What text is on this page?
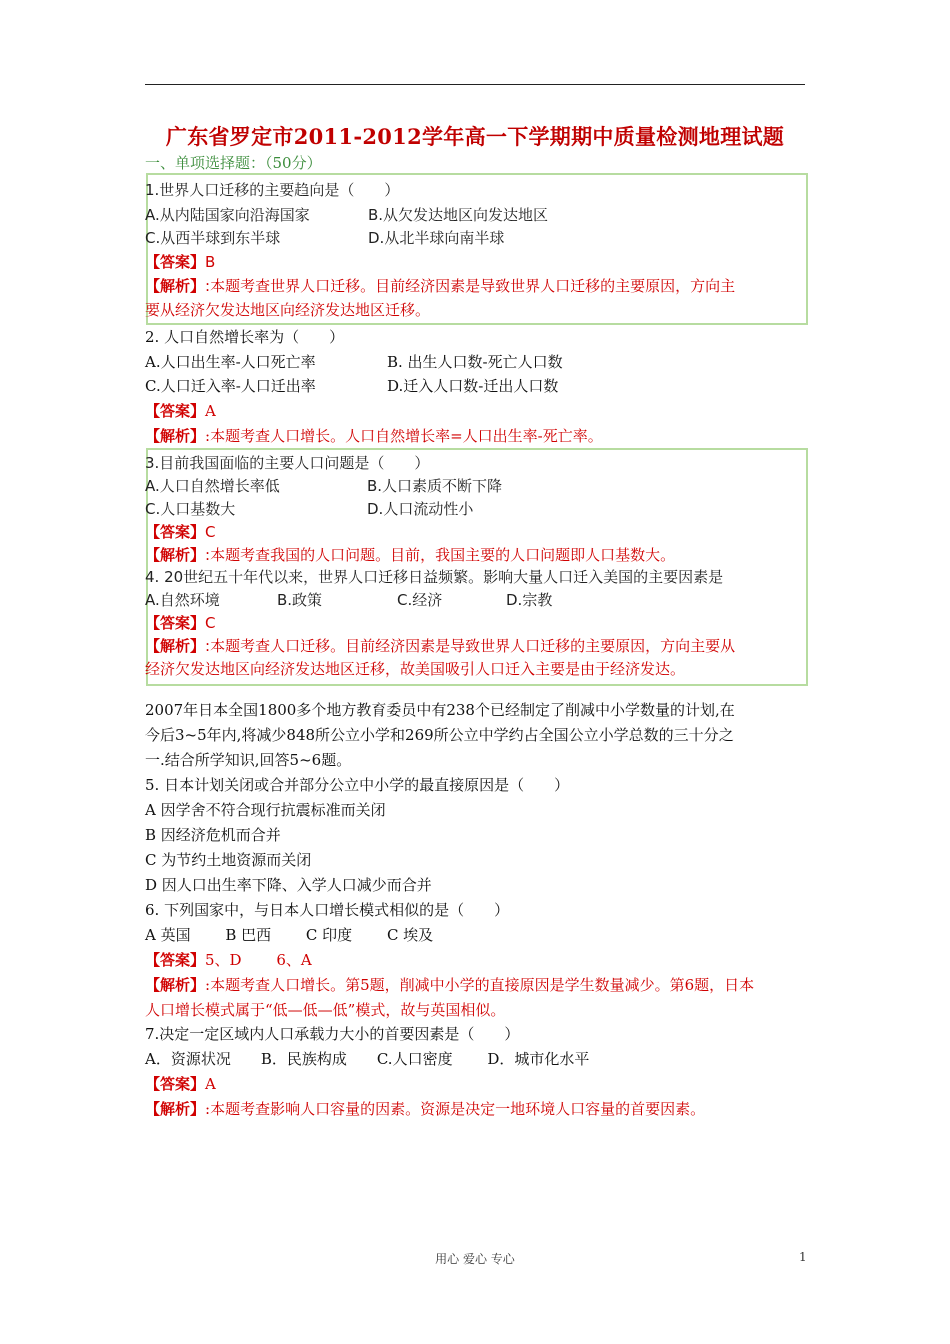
广东省罗定市2011-2012学年高一下学期期中质量检测地理试题
一、单项选择题：（50分）
1.世界人口迁移的主要趋向是（　　）
A.从内陆国家向沿海国家	B.从欠发达地区向发达地区
C.从西半球到东半球	D.从北半球向南半球
【答案】B
【解析】:本题考查世界人口迁移。目前经济因素是导致世界人口迁移的主要原因，方向主
要从经济欠发达地区向经济发达地区迁移。
2. 人口自然增长率为（　　）
A.人口出生率-人口死亡率	B. 出生人口数-死亡人口数
C.人口迁入率-人口迁出率	D.迁入人口数-迁出人口数
【答案】A
【解析】:本题考查人口增长。人口自然增长率=人口出生率-死亡率。
3.目前我国面临的主要人口问题是（　　）
A.人口自然增长率低	B.人口素质不断下降
C.人口基数大	D.人口流动性小
【答案】C
【解析】:本题考查我国的人口问题。目前，我国主要的人口问题即人口基数大。
4. 20世纪五十年代以来，世界人口迁移日益频繁。影响大量人口迁入美国的主要因素是
A.自然环境	B.政策	C.经济	D.宗教
【答案】C
【解析】:本题考查人口迁移。目前经济因素是导致世界人口迁移的主要原因，方向主要从
经济欠发达地区向经济发达地区迁移，故美国吸引人口迁入主要是由于经济发达。
2007年日本全国1800多个地方教育委员中有238个已经制定了削减中小学数量的计划,在
今后3~5年内,将减少848所公立小学和269所公立中学约占全国公立小学总数的三十分之
一.结合所学知识,回答5~6题。
5. 日本计划关闭或合并部分公立中小学的最直接原因是（　　）
A 因学舍不符合现行抗震标准而关闭
B 因经济危机而合并
C 为节约土地资源而关闭
D 因人口出生率下降、入学人口减少而合并
6. 下列国家中，与日本人口增长模式相似的是（　　）
A 英国　　 B 巴西　　 C 印度　　 C 埃及
【答案】5、D　　 6、A
【解析】:本题考查人口增长。第5题，削减中小学的直接原因是学生数量减少。第6题，日本
人口增长模式属于“低—低—低”模式，故与英国相似。
7.决定一定区域内人口承载力大小的首要因素是（　　）
A．资源状况　　B．民族构成　　C.人口密度　　 D．城市化水平
【答案】A
【解析】:本题考查影响人口容量的因素。资源是决定一地环境人口容量的首要因素。
用心 爱心 专心	1
